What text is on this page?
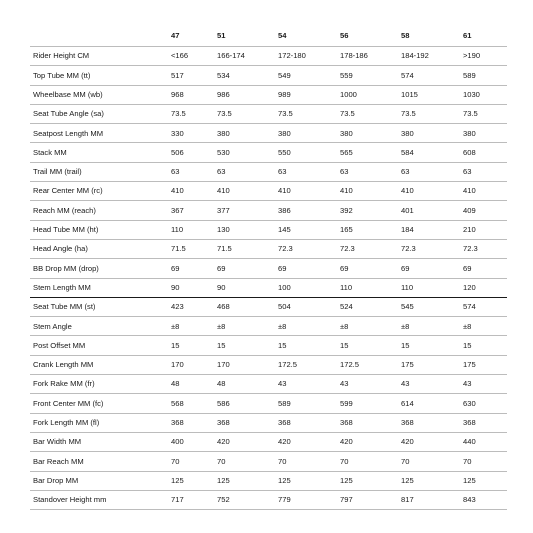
	47	51	54	56	58	61
Rider Height CM	<166	166-174	172-180	178-186	184-192	>190
Top Tube MM (tt)	517	534	549	559	574	589
Wheelbase MM (wb)	968	986	989	1000	1015	1030
Seat Tube Angle (sa)	73.5	73.5	73.5	73.5	73.5	73.5
Seatpost Length MM	330	380	380	380	380	380
Stack MM	506	530	550	565	584	608
Trail MM (trail)	63	63	63	63	63	63
Rear Center MM (rc)	410	410	410	410	410	410
Reach MM (reach)	367	377	386	392	401	409
Head Tube MM (ht)	110	130	145	165	184	210
Head Angle (ha)	71.5	71.5	72.3	72.3	72.3	72.3
BB Drop MM (drop)	69	69	69	69	69	69
Stem Length MM	90	90	100	110	110	120
Seat Tube MM (st)	423	468	504	524	545	574
Stem Angle	±8	±8	±8	±8	±8	±8
Post Offset MM	15	15	15	15	15	15
Crank Length MM	170	170	172.5	172.5	175	175
Fork Rake MM (fr)	48	48	43	43	43	43
Front Center MM (fc)	568	586	589	599	614	630
Fork Length MM (fl)	368	368	368	368	368	368
Bar Width MM	400	420	420	420	420	440
Bar Reach MM	70	70	70	70	70	70
Bar Drop MM	125	125	125	125	125	125
Standover Height mm	717	752	779	797	817	843
